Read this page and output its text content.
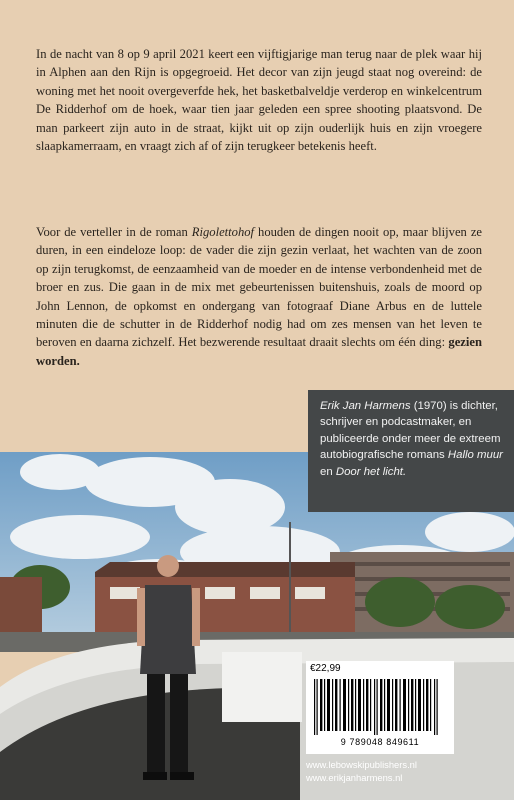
In de nacht van 8 op 9 april 2021 keert een vijftigjarige man terug naar de plek waar hij in Alphen aan den Rijn is opgegroeid. Het decor van zijn jeugd staat nog overeind: de woning met het nooit overgeverfde hek, het basketbalveldje verderop en winkelcentrum De Ridderhof om de hoek, waar tien jaar geleden een spree shooting plaatsvond. De man parkeert zijn auto in de straat, kijkt uit op zijn ouderlijk huis en zijn vroegere slaapkamerraam, en vraagt zich af of zijn terugkeer betekenis heeft.

Voor de verteller in de roman Rigolettohof houden de dingen nooit op, maar blijven ze duren, in een eindeloze loop: de vader die zijn gezin verlaat, het wachten van de zoon op zijn terugkomst, de eenzaamheid van de moeder en de intense verbondenheid met de broer en zus. Die gaan in de mix met gebeurtenissen buitenshuis, zoals de moord op John Lennon, de opkomst en ondergang van fotograaf Diane Arbus en de luttele minuten die de schutter in de Ridderhof nodig had om zes mensen van het leven te beroven en daarna zichzelf. Het bezwerende resultaat draait slechts om één ding: gezien worden.

Erik Jan Harmens (1970) is dichter, schrijver en podcastmaker, en publiceerde onder meer de extreem autobiografische romans Hallo muur en Door het licht.
€22,99
9 789048 849611
www.lebowskipublishers.nl
www.erikjanharmens.nl
